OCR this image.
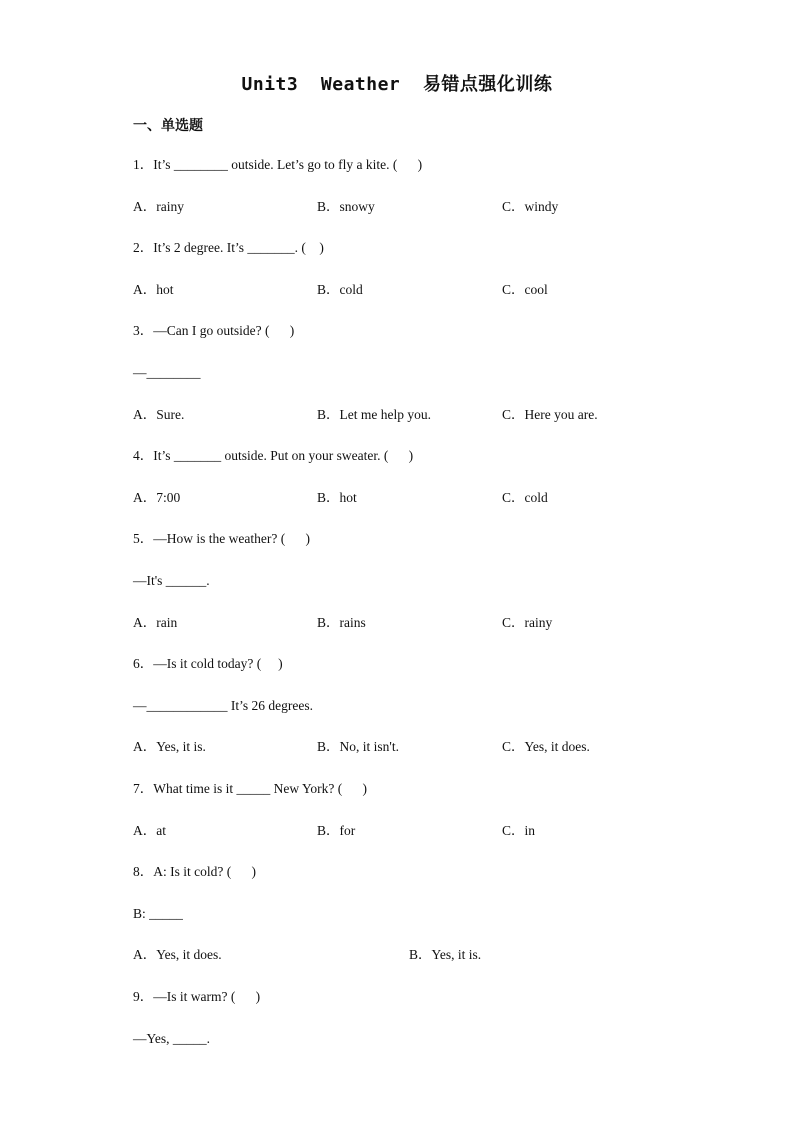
Unit3  Weather  易错点强化训练
一、单选题
1．It’s ________ outside. Let’s go to fly a kite. (      )
A．rainy	B．snowy	C．windy
2．It’s 2 degree. It’s _______. (    )
A．hot	B．cold	C．cool
3．—Can I go outside? (      )
—________
A．Sure.	B．Let me help you.	C．Here you are.
4．It’s _______ outside. Put on your sweater. (      )
A．7:00	B．hot	C．cold
5．—How is the weather? (      )
—It's ______.
A．rain	B．rains	C．rainy
6．—Is it cold today? (     )
—____________ It’s 26 degrees.
A．Yes, it is.	B．No, it isn't.	C．Yes, it does.
7．What time is it _____ New York? (      )
A．at	B．for	C．in
8．A: Is it cold? (      )
B: _____
A．Yes, it does.	B．Yes, it is.
9．—Is it warm? (      )
—Yes, _____.
